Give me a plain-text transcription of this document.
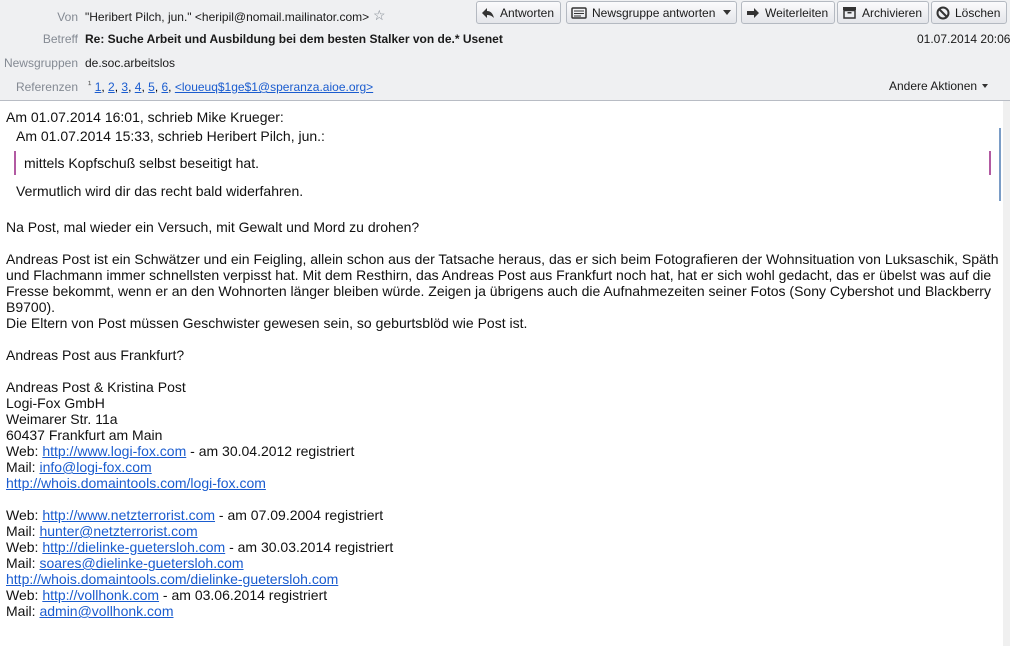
Von "Heribert Pilch, jun." <heripil@nomail.mailinator.com> ☆	Antworten	Newsgruppe antworten	Weiterleiten	Archivieren	Löschen
Betreff Re: Suche Arbeit und Ausbildung bei dem besten Stalker von de.* Usenet	01.07.2014 20:06
Newsgruppen de.soc.arbeitslos
Referenzen $^{^1}$ 1, 2, 3, 4, 5, 6, <loueuq$1ge$1@speranza.aioe.org>	Andere Aktionen

Am 01.07.2014 16:01, schrieb Mike Krueger:

Am 01.07.2014 15:33, schrieb Heribert Pilch, jun.:

mittels Kopfschuß selbst beseitigt hat.

Vermutlich wird dir das recht bald widerfahren.

Na Post, mal wieder ein Versuch, mit Gewalt und Mord zu drohen?

Andreas Post ist ein Schwätzer und ein Feigling, allein schon aus der Tatsache heraus, das er sich beim Fotografieren der Wohnsituation von Luksaschik, Späth und Flachmann immer schnellsten verpisst hat. Mit dem Resthirn, das Andreas Post aus Frankfurt noch hat, hat er sich wohl gedacht, das er übelst was auf die Fresse bekommt, wenn er an den Wohnorten länger bleiben würde. Zeigen ja übrigens auch die Aufnahmezeiten seiner Fotos (Sony Cybershot und Blackberry B9700).

Die Eltern von Post müssen Geschwister gewesen sein, so geburtsblöd wie Post ist.

Andreas Post aus Frankfurt?

Andreas Post & Kristina Post

Logi-Fox GmbH

Weimarer Str. 11a

60437 Frankfurt am Main

Web: http://www.logi-fox.com - am 30.04.2012 registriert

Mail: info@logi-fox.com

http://whois.domaintools.com/logi-fox.com

Web: http://www.netzterrorist.com - am 07.09.2004 registriert

Mail: hunter@netzterrorist.com

Web: http://dielinke-guetersloh.com - am 30.03.2014 registriert

Mail: soares@dielinke-guetersloh.com

http://whois.domaintools.com/dielinke-guetersloh.com

Web: http://vollhonk.com - am 03.06.2014 registriert

Mail: admin@vollhonk.com
